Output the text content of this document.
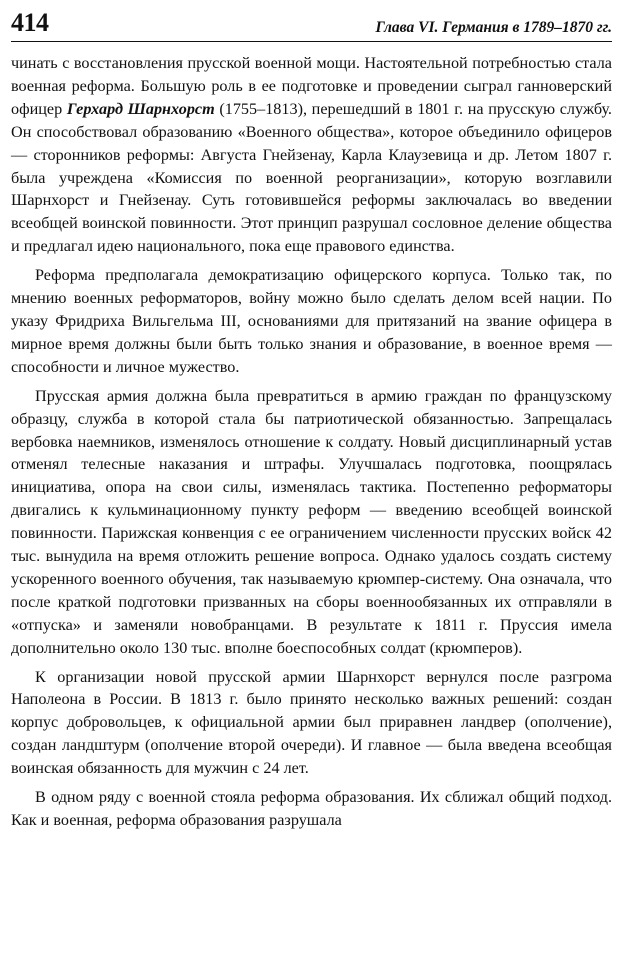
414	Глава VI. Германия в 1789–1870 гг.

чинать с восстановления прусской военной мощи. Настоятельной потребностью стала военная реформа. Большую роль в ее подготовке и проведении сыграл ганноверский офицер Герхард Шарнхорст (1755–1813), перешедший в 1801 г. на прусскую службу. Он способствовал образованию «Военного общества», которое объединило офицеров — сторонников реформы: Августа Гнейзенау, Карла Клаузевица и др. Летом 1807 г. была учреждена «Комиссия по военной реорганизации», которую возглавили Шарнхорст и Гнейзенау. Суть готовившейся реформы заключалась во введении всеобщей воинской повинности. Этот принцип разрушал сословное деление общества и предлагал идею национального, пока еще правового единства.

Реформа предполагала демократизацию офицерского корпуса. Только так, по мнению военных реформаторов, войну можно было сделать делом всей нации. По указу Фридриха Вильгельма III, основаниями для притязаний на звание офицера в мирное время должны были быть только знания и образование, в военное время — способности и личное мужество.

Прусская армия должна была превратиться в армию граждан по французскому образцу, служба в которой стала бы патриотической обязанностью. Запрещалась вербовка наемников, изменялось отношение к солдату. Новый дисциплинарный устав отменял телесные наказания и штрафы. Улучшалась подготовка, поощрялась инициатива, опора на свои силы, изменялась тактика. Постепенно реформаторы двигались к кульминационному пункту реформ — введению всеобщей воинской повинности. Парижская конвенция с ее ограничением численности прусских войск 42 тыс. вынудила на время отложить решение вопроса. Однако удалось создать систему ускоренного военного обучения, так называемую крюмпер-систему. Она означала, что после краткой подготовки призванных на сборы военнообязанных их отправляли в «отпуска» и заменяли новобранцами. В результате к 1811 г. Пруссия имела дополнительно около 130 тыс. вполне боеспособных солдат (крюмперов).

К организации новой прусской армии Шарнхорст вернулся после разгрома Наполеона в России. В 1813 г. было принято несколько важных решений: создан корпус добровольцев, к официальной армии был приравнен ландвер (ополчение), создан ландштурм (ополчение второй очереди). И главное — была введена всеобщая воинская обязанность для мужчин с 24 лет.

В одном ряду с военной стояла реформа образования. Их сближал общий подход. Как и военная, реформа образования разрушала
